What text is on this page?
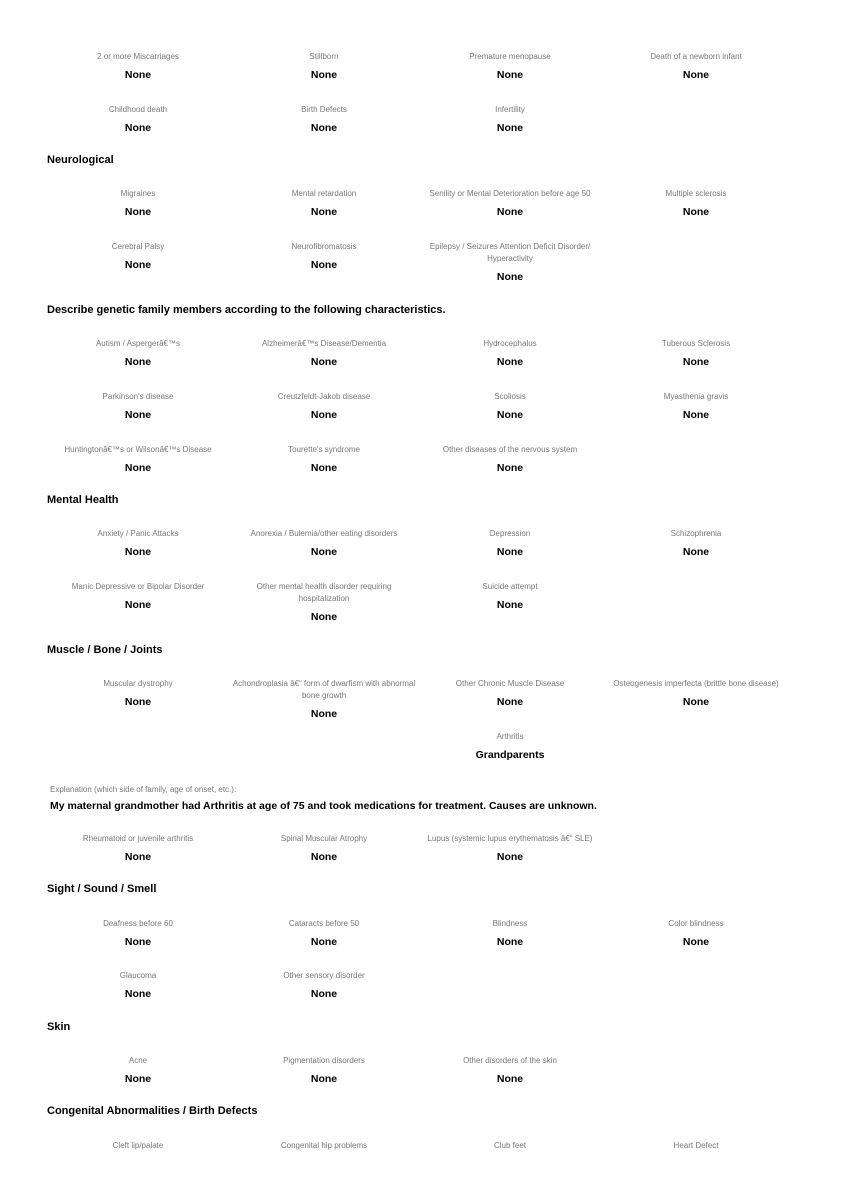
2 or more Miscarriages
None
Stillborn
None
Premature menopause
None
Death of a newborn infant
None
Childhood death
None
Birth Defects
None
Infertility
None
Neurological
Migraines
None
Mental retardation
None
Senility or Mental Deterioration before age 50
None
Multiple sclerosis
None
Cerebral Palsy
None
Neurofibromatosis
None
Epilepsy / Seizures Attention Deficit Disorder/ Hyperactivity
None
Describe genetic family members according to the following characteristics.
Autism / Aspergerâ€™s
None
Alzheimerâ€™s Disease/Dementia
None
Hydrocephalus
None
Tuberous Sclerosis
None
Parkinson's disease
None
Creutzfeldt-Jakob disease
None
Scoliosis
None
Myasthenia gravis
None
Huntingtonâ€™s or Wilsonâ€™s Disease
None
Tourette's syndrome
None
Other diseases of the nervous system
None
Mental Health
Anxiety / Panic Attacks
None
Anorexia / Bulemia/other eating disorders
None
Depression
None
Schizophrenia
None
Manic Depressive or Bipolar Disorder
None
Other mental health disorder requiring hospitalization
None
Suicide attempt
None
Muscle / Bone / Joints
Muscular dystrophy
None
Achondroplasia â€“ form of dwarfism with abnormal bone growth
None
Other Chronic Muscle Disease
None
Osteogenesis imperfecta (brittle bone disease)
None
Arthritis
Grandparents
Explanation (which side of family, age of onset, etc.):
My maternal grandmother had Arthritis at age of 75 and took medications for treatment. Causes are unknown.
Rheumatoid or juvenile arthritis
None
Spinal Muscular Atrophy
None
Lupus (systemic lupus erythematosis â€“ SLE)
None
Sight / Sound / Smell
Deafness before 60
None
Cataracts before 50
None
Blindness
None
Color blindness
None
Glaucoma
None
Other sensory disorder
None
Skin
Acne
None
Pigmentation disorders
None
Other disorders of the skin
None
Congenital Abnormalities / Birth Defects
Cleft lip/palate	Congenital hip problems	Club feet	Heart Defect
